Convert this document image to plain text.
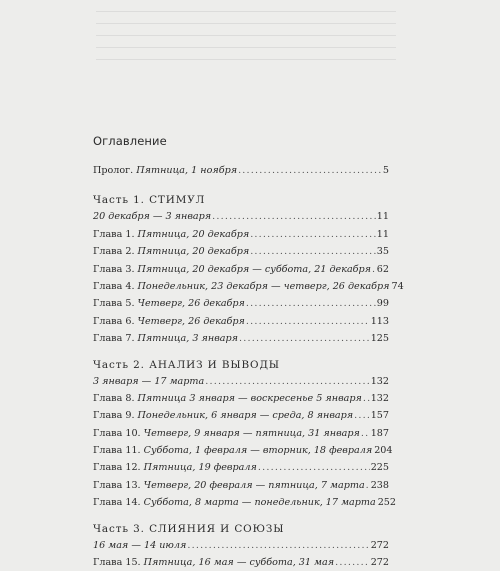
Оглавление
Пролог. Пятница, 1 ноября .....	5
Часть 1. СТИМУЛ
20 декабря — 3 января .....	11
Глава 1. Пятница, 20 декабря .....	11
Глава 2. Пятница, 20 декабря .....	35
Глава 3. Пятница, 20 декабря — суббота, 21 декабря ..... 62
Глава 4. Понедельник, 23 декабря — четверг, 26 декабря 74
Глава 5. Четверг, 26 декабря .....	99
Глава 6. Четверг, 26 декабря .....	113
Глава 7. Пятница, 3 января .....	125
Часть 2. АНАЛИЗ И ВЫВОДЫ
3 января — 17 марта .....	132
Глава 8. Пятница 3 января — воскресенье 5 января ..... 132
Глава 9. Понедельник, 6 января — среда, 8 января ..... 157
Глава 10. Четверг, 9 января — пятница, 31 января ..... 187
Глава 11. Суббота, 1 февраля — вторник, 18 февраля 204
Глава 12. Пятница, 19 февраля .....	225
Глава 13. Четверг, 20 февраля — пятница, 7 марта ..... 238
Глава 14. Суббота, 8 марта — понедельник, 17 марта 252
Часть 3. СЛИЯНИЯ И СОЮЗЫ
16 мая — 14 июля .....	272
Глава 15. Пятница, 16 мая — суббота, 31 мая .....	272
